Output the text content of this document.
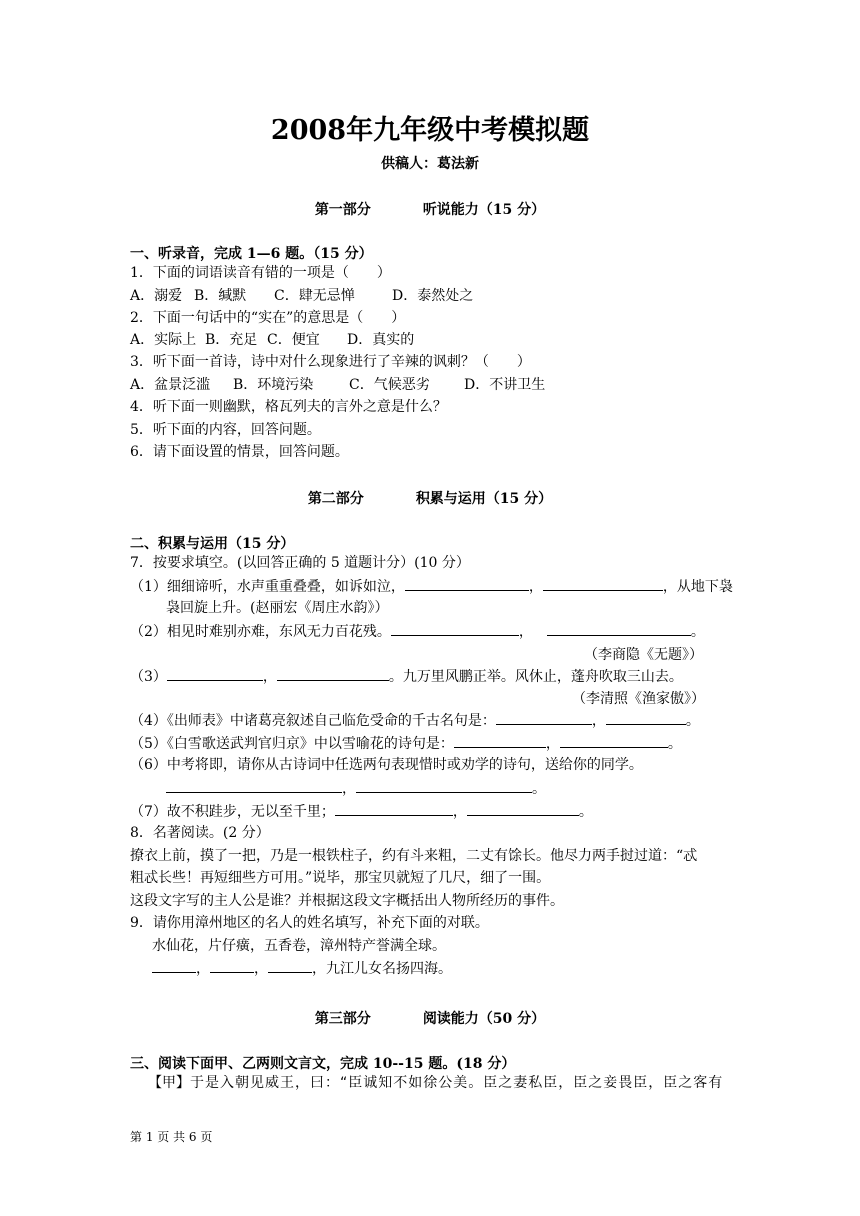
2008年九年级中考模拟题
供稿人：葛法新
第一部分	听说能力（15 分）
一、听录音，完成 1—6 题。（15 分）
1．下面的词语读音有错的一项是（　　）
A．溺爱 B．缄默 C．肆无忌惮	D．泰然处之
2．下面一句话中的“实在”的意思是（　　）
A．实际上 B．充足 C．便宜 D．真实的
3．听下面一首诗，诗中对什么现象进行了辛辣的讽刺？（　　）
A．盆景泛滥 B．环境污染	C．气候恶劣 D．不讲卫生
4．听下面一则幽默，格瓦列夫的言外之意是什么？
5．听下面的内容，回答问题。
6．请下面设置的情景，回答问题。
第二部分	积累与运用（15 分）
二、积累与运用（15 分）
7．按要求填空。(以回答正确的 5 道题计分）(10 分）
（1）细细谛听，水声重重叠叠，如诉如泣，	，	，从地下袅
袅回旋上升。(赵丽宏《周庄水韵》）
（2）相见时难别亦难，东风无力百花残。	，	。
（李商隐《无题》）
（3）	，	。九万里风鹏正举。风休止，蓬舟吹取三山去。
（李清照《渔家傲》）
（4）《出师表》中诸葛亮叙述自己临危受命的千古名句是：	，	。
（5）《白雪歌送武判官归京》中以雪喻花的诗句是：	，	。
（6）中考将即，请你从古诗词中任选两句表现惜时或劝学的诗句，送给你的同学。
，	。
（7）故不积跬步，无以至千里；	，	。
8．名著阅读。(2 分）
撩衣上前，摸了一把，乃是一根铁柱子，约有斗来粗，二丈有馀长。他尽力两手挝过道：“忒
粗忒长些！再短细些方可用。”说毕，那宝贝就短了几尺，细了一围。
这段文字写的主人公是谁？并根据这段文字概括出人物所经历的事件。
9．请你用漳州地区的名人的姓名填写，补充下面的对联。
水仙花，片仔癀，五香卷，漳州特产誉满全球。
，	，	，九江儿女名扬四海。
第三部分	阅读能力（50 分）
三、阅读下面甲、乙两则文言文，完成 10--15 题。(18 分）
【甲】于是入朝见威王，曰：“臣诚知不如徐公美。臣之妻私臣，臣之妾畏臣，臣之客有
第 1 页 共 6 页
